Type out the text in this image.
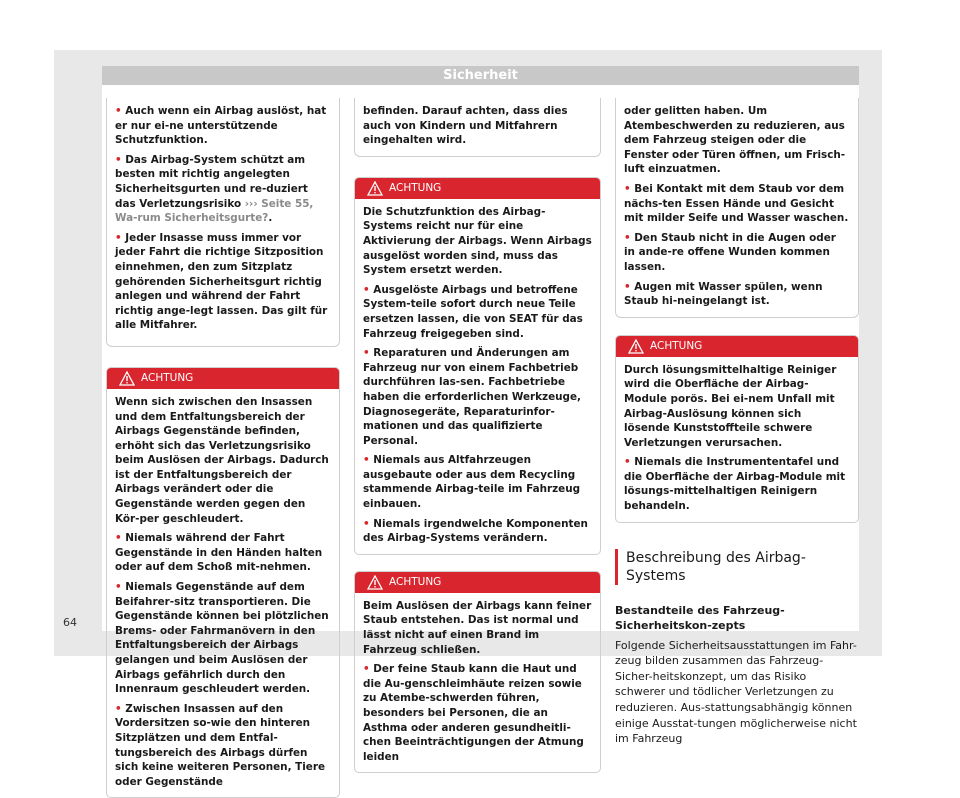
Sicherheit
• Auch wenn ein Airbag auslöst, hat er nur ei-ne unterstützende Schutzfunktion.
• Das Airbag-System schützt am besten mit richtig angelegten Sicherheitsgurten und re-duziert das Verletzungsrisiko ››› Seite 55, Wa-rum Sicherheitsgurte?.
• Jeder Insasse muss immer vor jeder Fahrt die richtige Sitzposition einnehmen, den zum Sitzplatz gehörenden Sicherheitsgurt richtig anlegen und während der Fahrt richtig ange-legt lassen. Das gilt für alle Mitfahrer.
ACHTUNG
Wenn sich zwischen den Insassen und dem Entfaltungsbereich der Airbags Gegenstände befinden, erhöht sich das Verletzungsrisiko beim Auslösen der Airbags. Dadurch ist der Entfaltungsbereich der Airbags verändert oder die Gegenstände werden gegen den Kör-per geschleudert.
• Niemals während der Fahrt Gegenstände in den Händen halten oder auf dem Schoß mit-nehmen.
• Niemals Gegenstände auf dem Beifahrer-sitz transportieren. Die Gegenstände können bei plötzlichen Brems- oder Fahrmanövern in den Entfaltungsbereich der Airbags gelangen und beim Auslösen der Airbags gefährlich durch den Innenraum geschleudert werden.
• Zwischen Insassen auf den Vordersitzen so-wie den hinteren Sitzplätzen und dem Entfal-tungsbereich des Airbags dürfen sich keine weiteren Personen, Tiere oder Gegenstände
befinden. Darauf achten, dass dies auch von Kindern und Mitfahrern eingehalten wird.
ACHTUNG
Die Schutzfunktion des Airbag-Systems reicht nur für eine Aktivierung der Airbags. Wenn Airbags ausgelöst worden sind, muss das System ersetzt werden.
• Ausgelöste Airbags und betroffene System-teile sofort durch neue Teile ersetzen lassen, die von SEAT für das Fahrzeug freigegeben sind.
• Reparaturen und Änderungen am Fahrzeug nur von einem Fachbetrieb durchführen las-sen. Fachbetriebe haben die erforderlichen Werkzeuge, Diagnosegeräte, Reparaturinfor-mationen und das qualifizierte Personal.
• Niemals aus Altfahrzeugen ausgebaute oder aus dem Recycling stammende Airbag-teile im Fahrzeug einbauen.
• Niemals irgendwelche Komponenten des Airbag-Systems verändern.
ACHTUNG
Beim Auslösen der Airbags kann feiner Staub entstehen. Das ist normal und lässt nicht auf einen Brand im Fahrzeug schließen.
• Der feine Staub kann die Haut und die Au-genschleimhäute reizen sowie zu Atembe-schwerden führen, besonders bei Personen, die an Asthma oder anderen gesundheitli-chen Beeinträchtigungen der Atmung leiden
oder gelitten haben. Um Atembeschwerden zu reduzieren, aus dem Fahrzeug steigen oder die Fenster oder Türen öffnen, um Frisch-luft einzuatmen.
• Bei Kontakt mit dem Staub vor dem nächs-ten Essen Hände und Gesicht mit milder Seife und Wasser waschen.
• Den Staub nicht in die Augen oder in ande-re offene Wunden kommen lassen.
• Augen mit Wasser spülen, wenn Staub hi-neingelangt ist.
ACHTUNG
Durch lösungsmittelhaltige Reiniger wird die Oberfläche der Airbag-Module porös. Bei ei-nem Unfall mit Airbag-Auslösung können sich lösende Kunststoffteile schwere Verletzungen verursachen.
• Niemals die Instrumententafel und die Oberfläche der Airbag-Module mit lösungs-mittelhaltigen Reinigern behandeln.
Beschreibung des Airbag-Systems
Bestandteile des Fahrzeug-Sicherheitskon-zepts
Folgende Sicherheitsausstattungen im Fahr-zeug bilden zusammen das Fahrzeug-Sicher-heitskonzept, um das Risiko schwerer und tödlicher Verletzungen zu reduzieren. Aus-stattungsabhängig können einige Ausstat-tungen möglicherweise nicht im Fahrzeug
64
